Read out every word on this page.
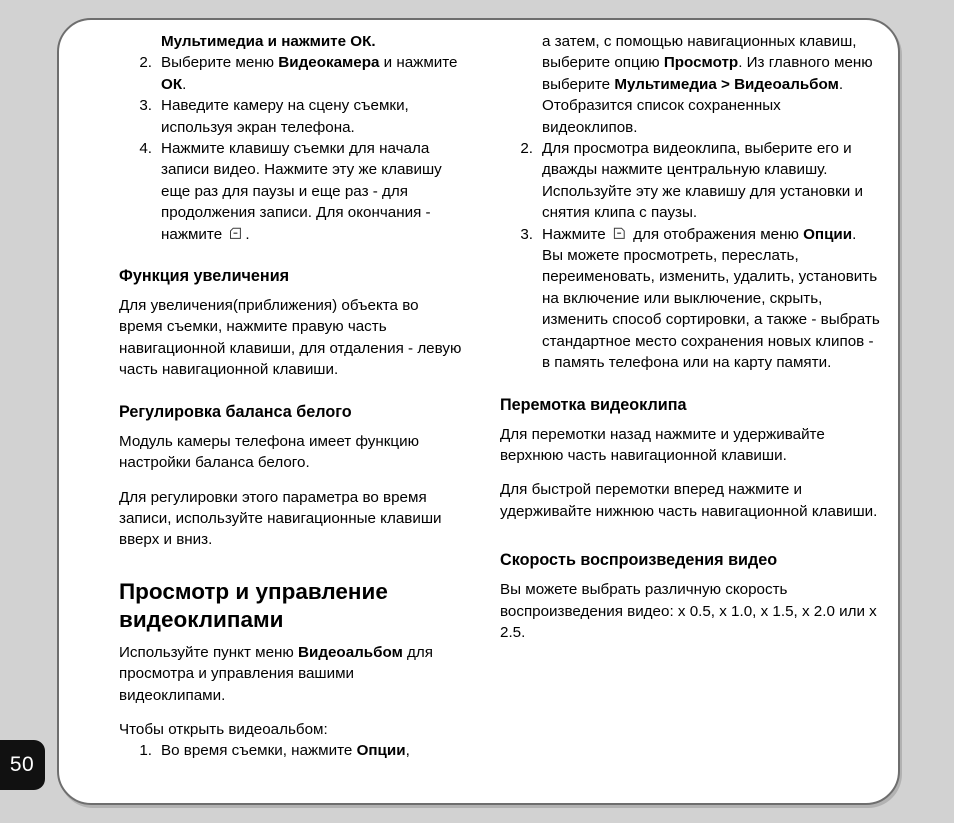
Мультимедиа и нажмите ОК.
2. Выберите меню Видеокамера и нажмите ОК.
3. Наведите камеру на сцену съемки, используя экран телефона.
4. Нажмите клавишу съемки для начала записи видео. Нажмите эту же клавишу еще раз для паузы и еще раз - для продолжения записи. Для окончания - нажмите
.
Функция увеличения

Для увеличения(приближения) объекта во время съемки, нажмите правую часть навигационной клавиши, для отдаления - левую часть навигационной клавиши.

Регулировка баланса белого

Модуль камеры телефона имеет функцию настройки баланса белого.

Для регулировки этого параметра во время записи, используйте навигационные клавиши вверх и вниз.

Просмотр и управление видеоклипами

Используйте пункт меню Видеоальбом для просмотра и управления вашими видеоклипами.

Чтобы открыть видеоальбом:

1. Во время съемки, нажмите Опции,
а затем, с помощью навигационных клавиш, выберите опцию Просмотр. Из главного меню выберите Мультимедиа > Видеоальбом. Отобразится список сохраненных видеоклипов.
2. Для просмотра видеоклипа, выберите его и дважды нажмите центральную клавишу. Используйте эту же клавишу для установки и снятия клипа с паузы.
3. Нажмите
для отображения меню Опции. Вы можете просмотреть, переслать, переименовать, изменить, удалить, установить на включение или выключение, скрыть, изменить способ сортировки, а также - выбрать стандартное место сохранения новых клипов - в память телефона или на карту памяти.
Перемотка видеоклипа

Для перемотки назад нажмите и удерживайте верхнюю часть навигационной клавиши.

Для быстрой перемотки вперед нажмите и удерживайте нижнюю часть навигационной клавиши.

Скорость воспроизведения видео

Вы можете выбрать различную скорость воспроизведения видео: x 0.5, x 1.0, x 1.5, x 2.0 или x 2.5.

50
